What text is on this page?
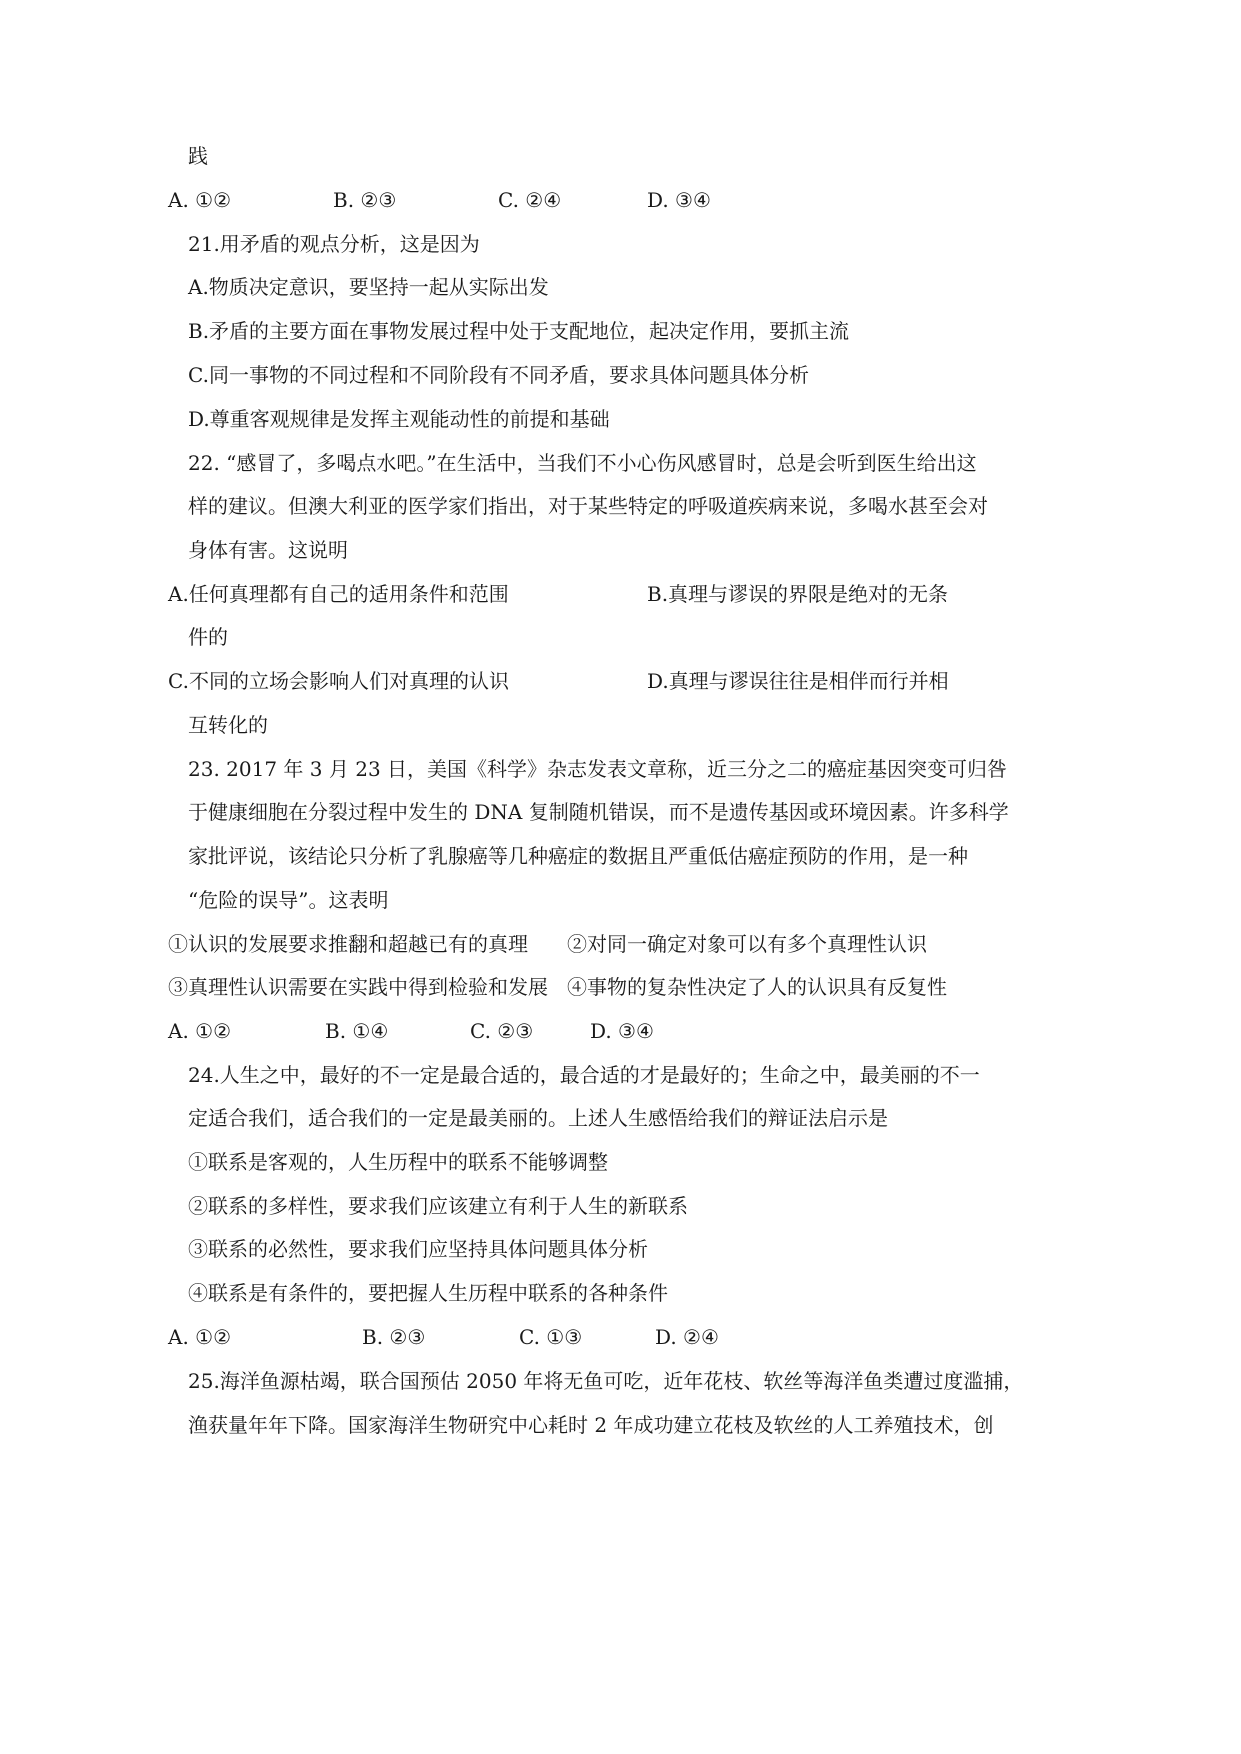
践
A. ①②	B. ②③	C. ②④	D. ③④
21.用矛盾的观点分析，这是因为
A.物质决定意识，要坚持一起从实际出发
B.矛盾的主要方面在事物发展过程中处于支配地位，起决定作用，要抓主流
C.同一事物的不同过程和不同阶段有不同矛盾，要求具体问题具体分析
D.尊重客观规律是发挥主观能动性的前提和基础
22. “感冒了，多喝点水吧。”在生活中，当我们不小心伤风感冒时，总是会听到医生给出这
样的建议。但澳大利亚的医学家们指出，对于某些特定的呼吸道疾病来说，多喝水甚至会对
身体有害。这说明
A.任何真理都有自己的适用条件和范围	B.真理与谬误的界限是绝对的无条
件的
C.不同的立场会影响人们对真理的认识	D.真理与谬误往往是相伴而行并相
互转化的
23. 2017 年 3 月 23 日，美国《科学》杂志发表文章称，近三分之二的癌症基因突变可归咎
于健康细胞在分裂过程中发生的 DNA 复制随机错误，而不是遗传基因或环境因素。许多科学
家批评说，该结论只分析了乳腺癌等几种癌症的数据且严重低估癌症预防的作用，是一种
“危险的误导”。这表明
①认识的发展要求推翻和超越已有的真理 ②对同一确定对象可以有多个真理性认识
③真理性认识需要在实践中得到检验和发展 ④事物的复杂性决定了人的认识具有反复性
A. ①②	B. ①④	C. ②③	D. ③④
24.人生之中，最好的不一定是最合适的，最合适的才是最好的；生命之中，最美丽的不一
定适合我们，适合我们的一定是最美丽的。上述人生感悟给我们的辩证法启示是
①联系是客观的，人生历程中的联系不能够调整
②联系的多样性，要求我们应该建立有利于人生的新联系
③联系的必然性，要求我们应坚持具体问题具体分析
④联系是有条件的，要把握人生历程中联系的各种条件
A. ①②	B. ②③	C. ①③	D. ②④
25.海洋鱼源枯竭，联合国预估 2050 年将无鱼可吃，近年花枝、软丝等海洋鱼类遭过度滥捕，
渔获量年年下降。国家海洋生物研究中心耗时 2 年成功建立花枝及软丝的人工养殖技术，创
